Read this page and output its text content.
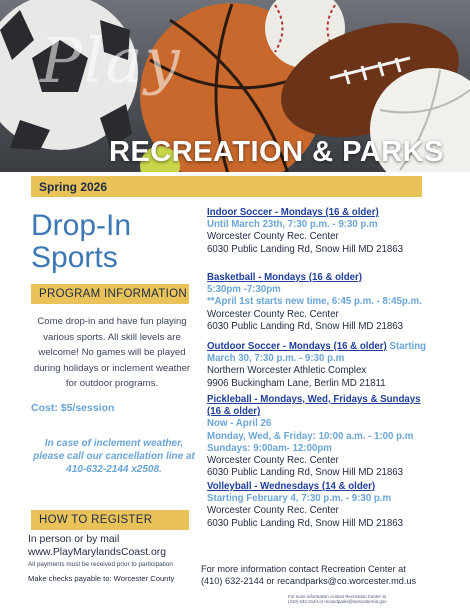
Play
RECREATION & PARKS
Spring 2026
Drop-In
Sports
PROGRAM INFORMATION
Come drop-in and have fun playing various sports. All skill levels are welcome! No games will be played during holidays or inclement weather for outdoor programs.
Cost: $5/session
In case of inclement weather, please call our cancellation line at 410-632-2144 x2508.
HOW TO REGISTER
In person or by mail
www.PlayMarylandsCoast.org
All payments must be received prior to participation
Make checks payable to: Worcester County
Indoor Soccer - Mondays (16 & older)
Until March 23th, 7:30 p.m. - 9:30 p.m
Worcester County Rec. Center
6030 Public Landing Rd, Snow Hill MD 21863
Basketball - Mondays (16 & older)
5:30pm -7:30pm
**April 1st starts new time, 6:45 p.m. - 8:45p.m.
Worcester County Rec. Center
6030 Public Landing Rd, Snow Hill MD 21863
Outdoor Soccer - Mondays (16 & older) Starting
March 30, 7:30 p.m. - 9:30 p.m
Northern Worcester Athletic Complex
9906 Buckingham Lane, Berlin MD 21811
Pickleball - Mondays, Wed, Fridays & Sundays
(16 & older)
Now - April 26
Monday, Wed, & Friday: 10:00 a.m. - 1:00 p.m
Sundays: 9:00am- 12:00pm
Worcester County Rec. Center
6030 Public Landing Rd, Snow Hill MD 21863
Volleyball - Wednesdays (14 & older)
Starting February 4, 7:30 p.m. - 9:30 p.m
Worcester County Rec. Center
6030 Public Landing Rd, Snow Hill MD 21863
For more information contact Recreation Center at
(410) 632-2144 or recandparks@co.worcester.md.us
For more information contact Recreation Center at
(410) 632-2144 or recandparks@worcestermd.gov
